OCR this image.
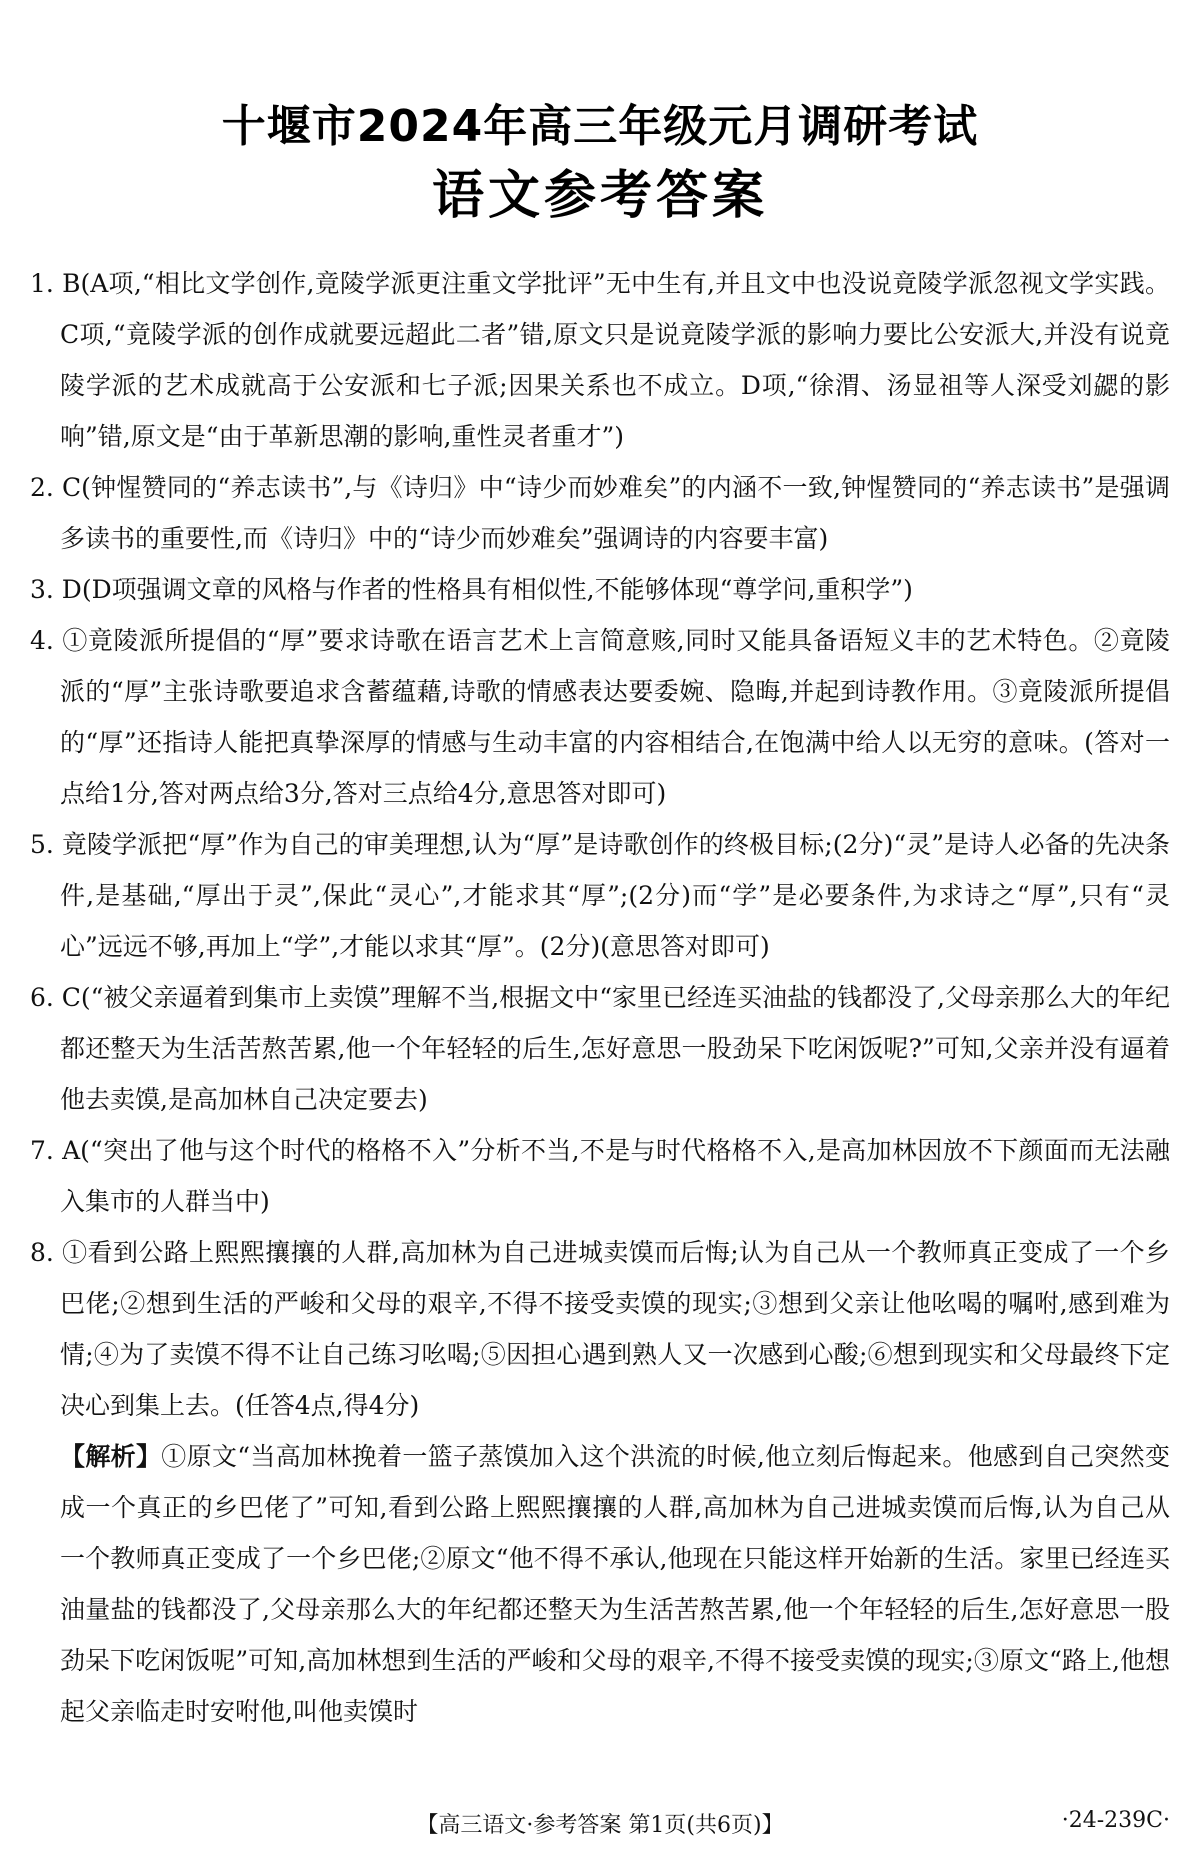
十堰市2024年高三年级元月调研考试
语文参考答案

1. B(A项,“相比文学创作,竟陵学派更注重文学批评”无中生有,并且文中也没说竟陵学派忽视文学实践。C项,“竟陵学派的创作成就要远超此二者”错,原文只是说竟陵学派的影响力要比公安派大,并没有说竟陵学派的艺术成就高于公安派和七子派;因果关系也不成立。D项,“徐渭、汤显祖等人深受刘勰的影响”错,原文是“由于革新思潮的影响,重性灵者重才”)

2. C(钟惺赞同的“养志读书”,与《诗归》中“诗少而妙难矣”的内涵不一致,钟惺赞同的“养志读书”是强调多读书的重要性,而《诗归》中的“诗少而妙难矣”强调诗的内容要丰富)

3. D(D项强调文章的风格与作者的性格具有相似性,不能够体现“尊学问,重积学”)

4. ①竟陵派所提倡的“厚”要求诗歌在语言艺术上言简意赅,同时又能具备语短义丰的艺术特色。②竟陵派的“厚”主张诗歌要追求含蓄蕴藉,诗歌的情感表达要委婉、隐晦,并起到诗教作用。③竟陵派所提倡的“厚”还指诗人能把真挚深厚的情感与生动丰富的内容相结合,在饱满中给人以无穷的意味。(答对一点给1分,答对两点给3分,答对三点给4分,意思答对即可)

5. 竟陵学派把“厚”作为自己的审美理想,认为“厚”是诗歌创作的终极目标;(2分)“灵”是诗人必备的先决条件,是基础,“厚出于灵”,保此“灵心”,才能求其“厚”;(2分)而“学”是必要条件,为求诗之“厚”,只有“灵心”远远不够,再加上“学”,才能以求其“厚”。(2分)(意思答对即可)

6. C(“被父亲逼着到集市上卖馍”理解不当,根据文中“家里已经连买油盐的钱都没了,父母亲那么大的年纪都还整天为生活苦熬苦累,他一个年轻轻的后生,怎好意思一股劲呆下吃闲饭呢?”可知,父亲并没有逼着他去卖馍,是高加林自己决定要去)

7. A(“突出了他与这个时代的格格不入”分析不当,不是与时代格格不入,是高加林因放不下颜面而无法融入集市的人群当中)

8. ①看到公路上熙熙攘攘的人群,高加林为自己进城卖馍而后悔;认为自己从一个教师真正变成了一个乡巴佬;②想到生活的严峻和父母的艰辛,不得不接受卖馍的现实;③想到父亲让他吆喝的嘱咐,感到难为情;④为了卖馍不得不让自己练习吆喝;⑤因担心遇到熟人又一次感到心酸;⑥想到现实和父母最终下定决心到集上去。(任答4点,得4分)

【解析】①原文“当高加林挽着一篮子蒸馍加入这个洪流的时候,他立刻后悔起来。他感到自己突然变成一个真正的乡巴佬了”可知,看到公路上熙熙攘攘的人群,高加林为自己进城卖馍而后悔,认为自己从一个教师真正变成了一个乡巴佬;②原文“他不得不承认,他现在只能这样开始新的生活。家里已经连买油量盐的钱都没了,父母亲那么大的年纪都还整天为生活苦熬苦累,他一个年轻轻的后生,怎好意思一股劲呆下吃闲饭呢”可知,高加林想到生活的严峻和父母的艰辛,不得不接受卖馍的现实;③原文“路上,他想起父亲临走时安咐他,叫他卖馍时

【高三语文·参考答案 第1页(共6页)】	·24-239C·
